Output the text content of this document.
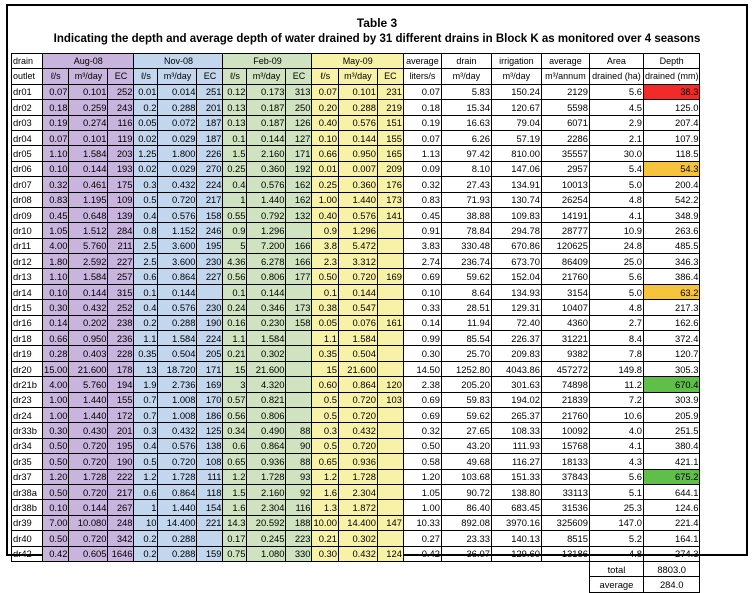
Table 3
Indicating the depth and average depth of water drained by 31 different drains in Block K as monitored over 4 seasons
drain	Aug-08			Nov-08			Feb-09			May-09			average	drain	irrigation	average	Area	Depth
outlet	ℓ/s	m³/day	EC	ℓ/s	m³/day	EC	ℓ/s	m³/day	EC	ℓ/s	m³/day	EC	liters/s	m³/day	m³/day	m³/annum	drained (ha)	drained (mm)
dr01	0.07	0.101	252	0.01	0.014	251	0.12	0.173	313	0.07	0.101	231	0.07	5.83	150.24	2129	5.6	38.3
dr02	0.18	0.259	243	0.2	0.288	201	0.13	0.187	250	0.20	0.288	219	0.18	15.34	120.67	5598	4.5	125.0
dr03	0.19	0.274	116	0.05	0.072	187	0.13	0.187	126	0.40	0.576	151	0.19	16.63	79.04	6071	2.9	207.4
dr04	0.07	0.101	119	0.02	0.029	187	0.1	0.144	127	0.10	0.144	155	0.07	6.26	57.19	2286	2.1	107.9
dr05	1.10	1.584	203	1.25	1.800	226	1.5	2.160	171	0.66	0.950	165	1.13	97.42	810.00	35557	30.0	118.5
dr06	0.10	0.144	193	0.02	0.029	270	0.25	0.360	192	0.01	0.007	209	0.09	8.10	147.06	2957	5.4	54.3
dr07	0.32	0.461	175	0.3	0.432	224	0.4	0.576	162	0.25	0.360	176	0.32	27.43	134.91	10013	5.0	200.4
dr08	0.83	1.195	109	0.5	0.720	217	1	1.440	162	1.00	1.440	173	0.83	71.93	130.74	26254	4.8	542.2
dr09	0.45	0.648	139	0.4	0.576	158	0.55	0.792	132	0.40	0.576	141	0.45	38.88	109.83	14191	4.1	348.9
dr10	1.05	1.512	284	0.8	1.152	246	0.9	1.296		0.9	1.296		0.91	78.84	294.78	28777	10.9	263.6
dr11	4.00	5.760	211	2.5	3.600	195	5	7.200	166	3.8	5.472		3.83	330.48	670.86	120625	24.8	485.5
dr12	1.80	2.592	227	2.5	3.600	230	4.36	6.278	166	2.3	3.312		2.74	236.74	673.70	86409	25.0	346.3
dr13	1.10	1.584	257	0.6	0.864	227	0.56	0.806	177	0.50	0.720	169	0.69	59.62	152.04	21760	5.6	386.4
dr14	0.10	0.144	315	0.1	0.144		0.1	0.144		0.1	0.144		0.10	8.64	134.93	3154	5.0	63.2
dr15	0.30	0.432	252	0.4	0.576	230	0.24	0.346	173	0.38	0.547		0.33	28.51	129.31	10407	4.8	217.3
dr16	0.14	0.202	238	0.2	0.288	190	0.16	0.230	158	0.05	0.076	161	0.14	11.94	72.40	4360	2.7	162.6
dr18	0.66	0.950	236	1.1	1.584	224	1.1	1.584		1.1	1.584		0.99	85.54	226.37	31221	8.4	372.4
dr19	0.28	0.403	228	0.35	0.504	205	0.21	0.302		0.35	0.504		0.30	25.70	209.83	9382	7.8	120.7
dr20	15.00	21.600	178	13	18.720	171	15	21.600		15	21.600		14.50	1252.80	4043.86	457272	149.8	305.3
dr21b	4.00	5.760	194	1.9	2.736	169	3	4.320		0.60	0.864	120	2.38	205.20	301.63	74898	11.2	670.4
dr23	1.00	1.440	155	0.7	1.008	170	0.57	0.821		0.5	0.720	103	0.69	59.83	194.02	21839	7.2	303.9
dr24	1.00	1.440	172	0.7	1.008	186	0.56	0.806		0.5	0.720		0.69	59.62	265.37	21760	10.6	205.9
dr33b	0.30	0.430	201	0.3	0.432	125	0.34	0.490	88	0.3	0.432		0.32	27.65	108.33	10092	4.0	251.5
dr34	0.50	0.720	195	0.4	0.576	138	0.6	0.864	90	0.5	0.720		0.50	43.20	111.93	15768	4.1	380.4
dr35	0.50	0.720	190	0.5	0.720	108	0.65	0.936	88	0.65	0.936		0.58	49.68	116.27	18133	4.3	421.1
dr37	1.20	1.728	222	1.2	1.728	111	1.2	1.728	93	1.2	1.728		1.20	103.68	151.33	37843	5.6	675.2
dr38a	0.50	0.720	217	0.6	0.864	118	1.5	2.160	92	1.6	2.304		1.05	90.72	138.80	33113	5.1	644.1
dr38b	0.10	0.144	267	1	1.440	154	1.6	2.304	116	1.3	1.872		1.00	86.40	683.45	31536	25.3	124.6
dr39	7.00	10.080	248	10	14.400	221	14.3	20.592	188	10.00	14.400	147	10.33	892.08	3970.16	325609	147.0	221.4
dr40	0.50	0.720	342	0.2	0.288		0.17	0.245	223	0.21	0.302		0.27	23.33	140.13	8515	5.2	164.1
dr42	0.42	0.605	1646	0.2	0.288	159	0.75	1.080	330	0.30	0.432	124	0.42	36.07	129.60	13186	4.8	274.3
																	total	8803.0
																	average	284.0
